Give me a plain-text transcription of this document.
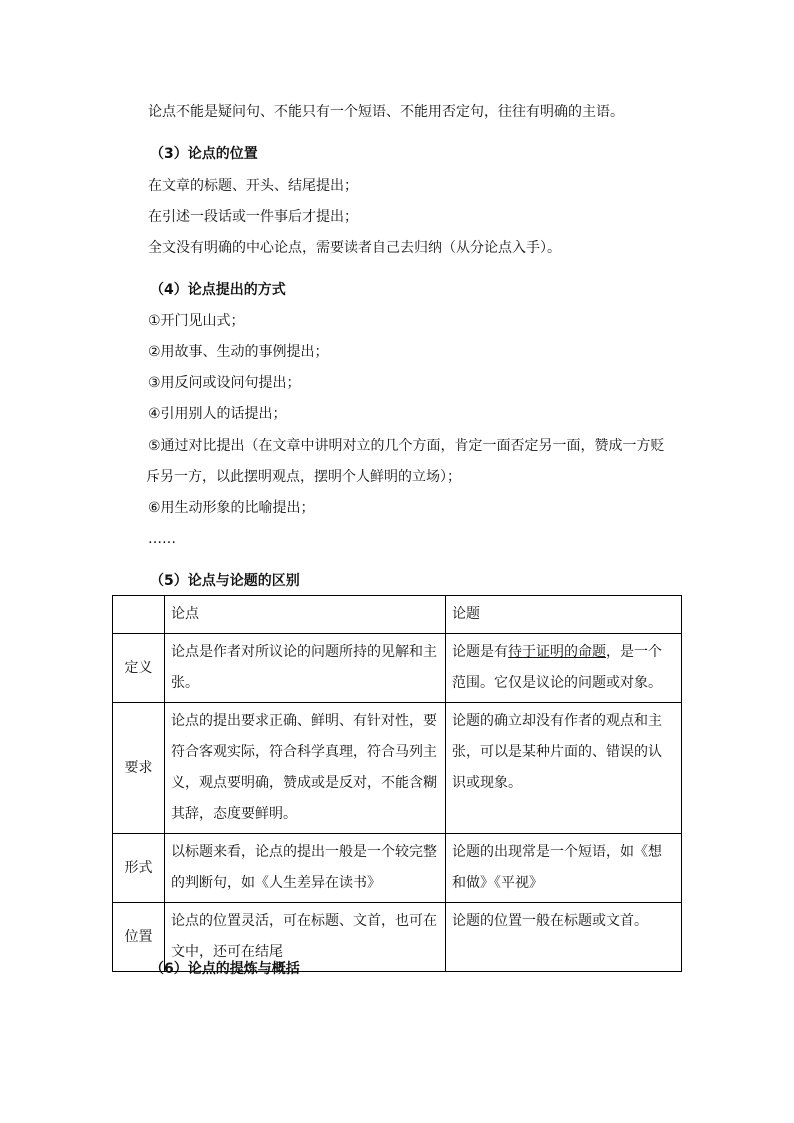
论点不能是疑问句、不能只有一个短语、不能用否定句，往往有明确的主语。
（3）论点的位置
在文章的标题、开头、结尾提出；
在引述一段话或一件事后才提出；
全文没有明确的中心论点，需要读者自己去归纳（从分论点入手）。
（4）论点提出的方式
①开门见山式；
②用故事、生动的事例提出；
③用反问或设问句提出；
④引用别人的话提出；
⑤通过对比提出（在文章中讲明对立的几个方面，肯定一面否定另一面，赞成一方贬
斥另一方，以此摆明观点，摆明个人鲜明的立场）；
⑥用生动形象的比喻提出；
……
（5）论点与论题的区别
	论点	论题
定义	论点是作者对所议论的问题所持的见解和主张。	论题是有待于证明的命题，是一个范围。它仅是议论的问题或对象。
要求	论点的提出要求正确、鲜明、有针对性，要符合客观实际，符合科学真理，符合马列主义，观点要明确，赞成或是反对，不能含糊其辞，态度要鲜明。	论题的确立却没有作者的观点和主张，可以是某种片面的、错误的认识或现象。
形式	以标题来看，论点的提出一般是一个较完整的判断句，如《人生差异在读书》	论题的出现常是一个短语，如《想和做》《平视》
位置	论点的位置灵活，可在标题、文首，也可在文中，还可在结尾	论题的位置一般在标题或文首。
（6）论点的提炼与概括
